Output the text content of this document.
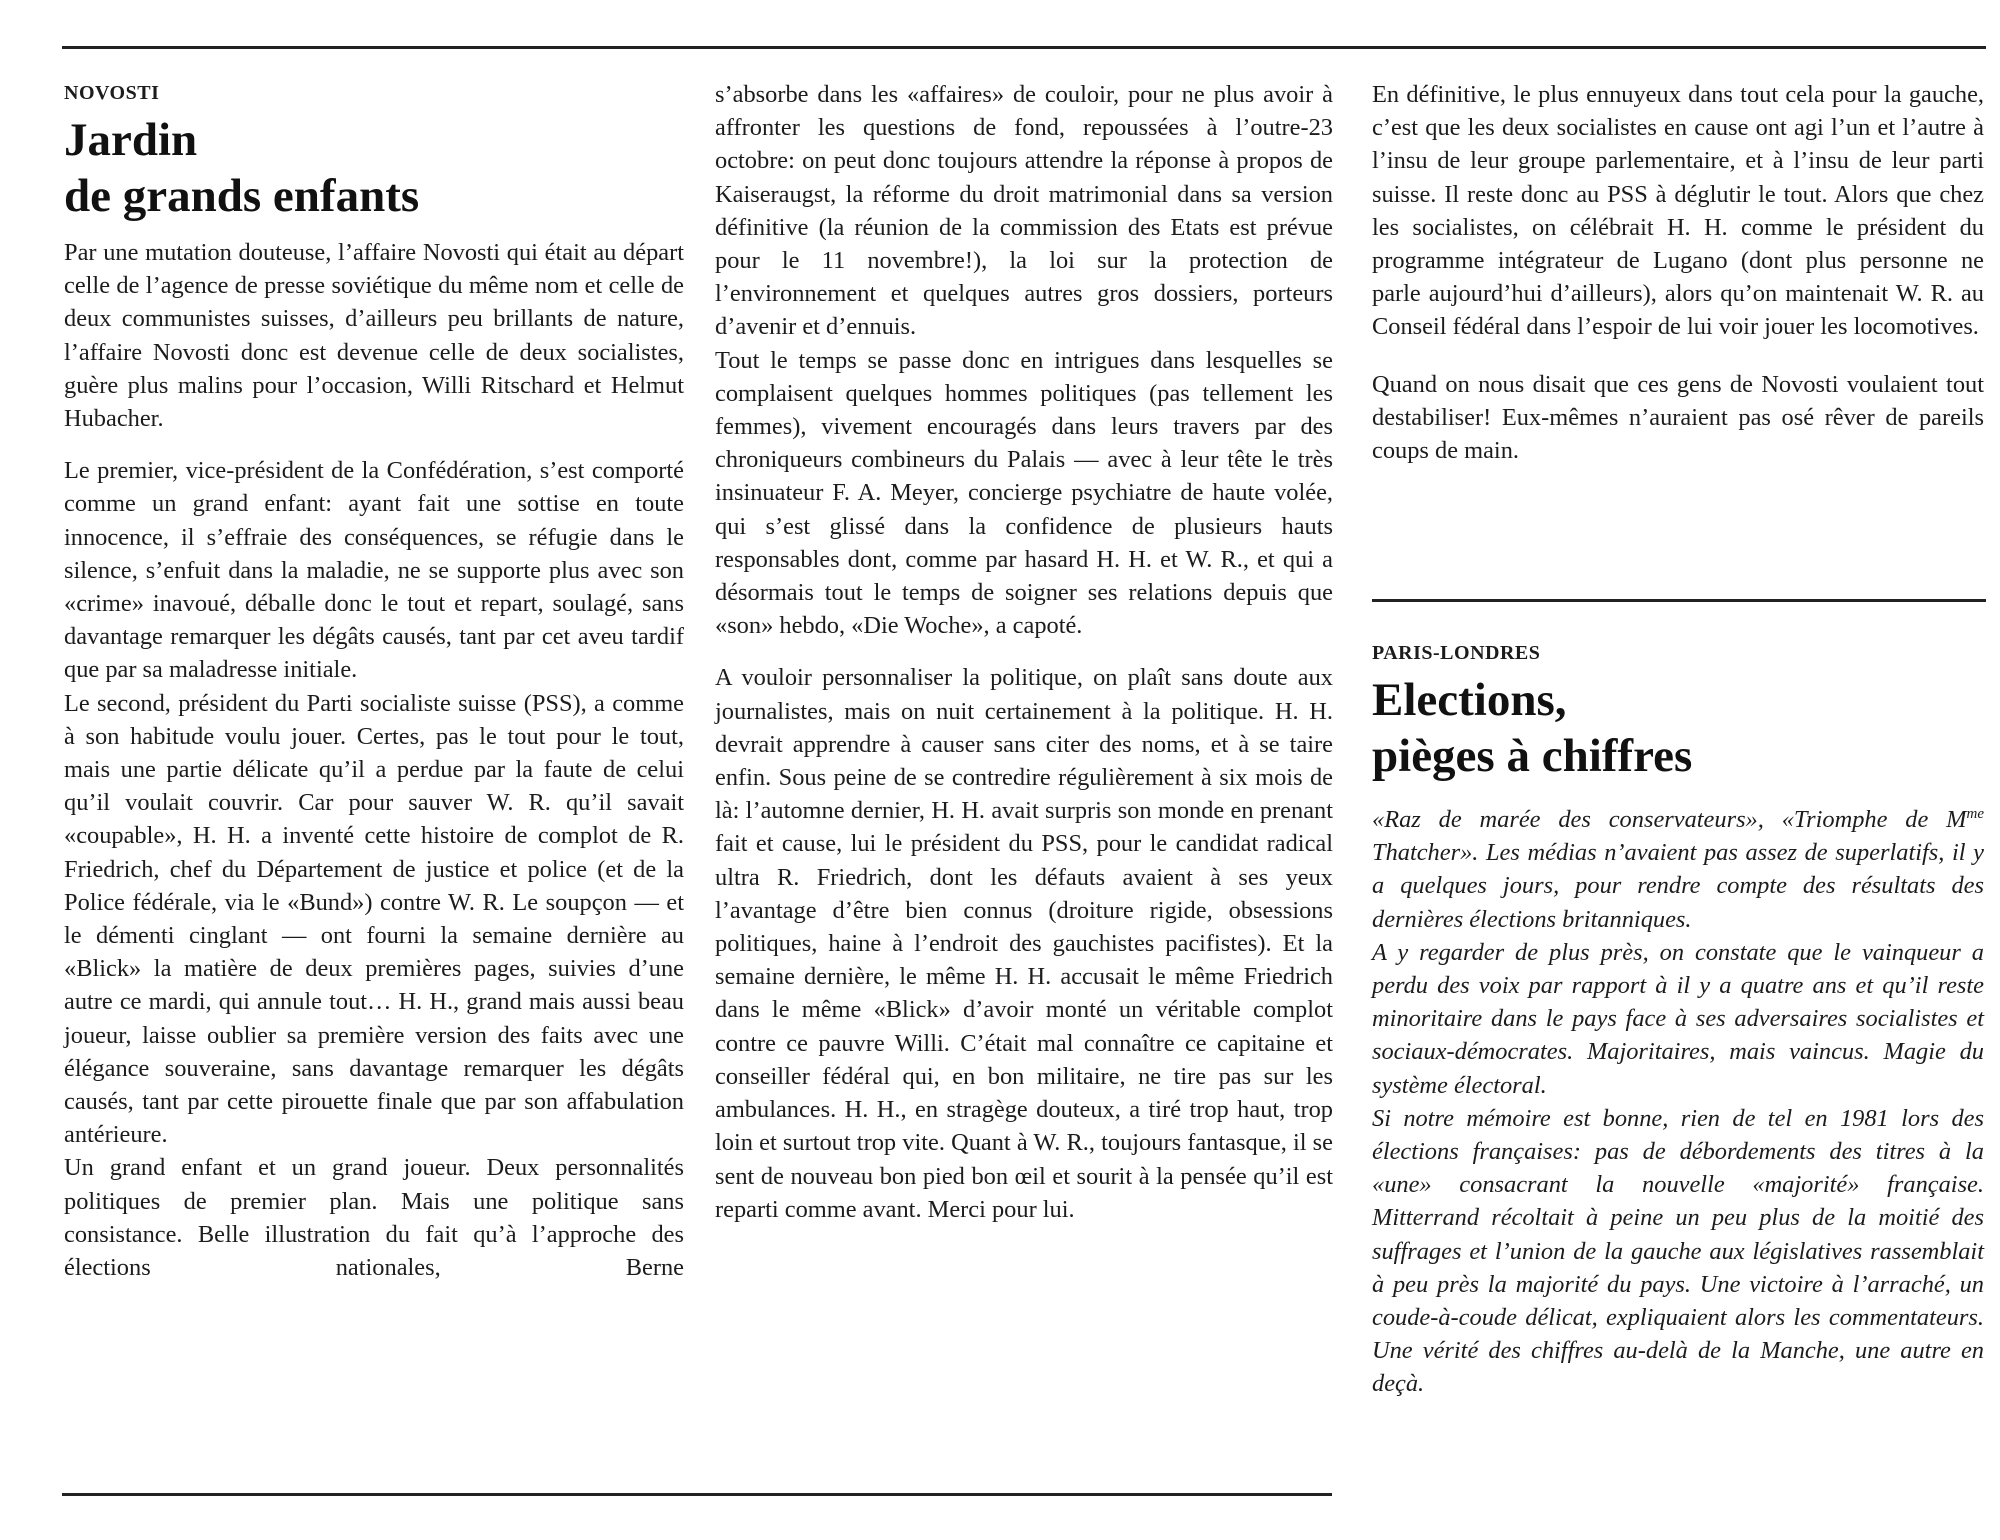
NOVOSTI
Jardin
de grands enfants

Par une mutation douteuse, l’affaire Novosti qui était au départ celle de l’agence de presse soviétique du même nom et celle de deux communistes suisses, d’ailleurs peu brillants de nature, l’affaire Novosti donc est devenue celle de deux socialistes, guère plus malins pour l’occasion, Willi Ritschard et Helmut Hubacher.

Le premier, vice-président de la Confédération, s’est comporté comme un grand enfant: ayant fait une sottise en toute innocence, il s’effraie des conséquences, se réfugie dans le silence, s’enfuit dans la maladie, ne se supporte plus avec son «crime» inavoué, déballe donc le tout et repart, soulagé, sans davantage remarquer les dégâts causés, tant par cet aveu tardif que par sa maladresse initiale.

Le second, président du Parti socialiste suisse (PSS), a comme à son habitude voulu jouer. Certes, pas le tout pour le tout, mais une partie délicate qu’il a perdue par la faute de celui qu’il voulait couvrir. Car pour sauver W. R. qu’il savait «coupable», H. H. a inventé cette histoire de complot de R. Friedrich, chef du Département de justice et police (et de la Police fédérale, via le «Bund») contre W. R. Le soupçon — et le démenti cinglant — ont fourni la semaine dernière au «Blick» la matière de deux premières pages, suivies d’une autre ce mardi, qui annule tout… H. H., grand mais aussi beau joueur, laisse oublier sa première version des faits avec une élégance souveraine, sans davantage remarquer les dégâts causés, tant par cette pirouette finale que par son affabulation antérieure.

Un grand enfant et un grand joueur. Deux personnalités politiques de premier plan. Mais une politique sans consistance. Belle illustration du fait qu’à l’approche des élections nationales, Berne

s’absorbe dans les «affaires» de couloir, pour ne plus avoir à affronter les questions de fond, repoussées à l’outre-23 octobre: on peut donc toujours attendre la réponse à propos de Kaiseraugst, la réforme du droit matrimonial dans sa version définitive (la réunion de la commission des Etats est prévue pour le 11 novembre!), la loi sur la protection de l’environnement et quelques autres gros dossiers, porteurs d’avenir et d’ennuis.

Tout le temps se passe donc en intrigues dans lesquelles se complaisent quelques hommes politiques (pas tellement les femmes), vivement encouragés dans leurs travers par des chroniqueurs combineurs du Palais — avec à leur tête le très insinuateur F. A. Meyer, concierge psychiatre de haute volée, qui s’est glissé dans la confidence de plusieurs hauts responsables dont, comme par hasard H. H. et W. R., et qui a désormais tout le temps de soigner ses relations depuis que «son» hebdo, «Die Woche», a capoté.

A vouloir personnaliser la politique, on plaît sans doute aux journalistes, mais on nuit certainement à la politique. H. H. devrait apprendre à causer sans citer des noms, et à se taire enfin. Sous peine de se contredire régulièrement à six mois de là: l’automne dernier, H. H. avait surpris son monde en prenant fait et cause, lui le président du PSS, pour le candidat radical ultra R. Friedrich, dont les défauts avaient à ses yeux l’avantage d’être bien connus (droiture rigide, obsessions politiques, haine à l’endroit des gauchistes pacifistes). Et la semaine dernière, le même H. H. accusait le même Friedrich dans le même «Blick» d’avoir monté un véritable complot contre ce pauvre Willi. C’était mal connaître ce capitaine et conseiller fédéral qui, en bon militaire, ne tire pas sur les ambulances. H. H., en stragège douteux, a tiré trop haut, trop loin et surtout trop vite. Quant à W. R., toujours fantasque, il se sent de nouveau bon pied bon œil et sourit à la pensée qu’il est reparti comme avant. Merci pour lui.

En définitive, le plus ennuyeux dans tout cela pour la gauche, c’est que les deux socialistes en cause ont agi l’un et l’autre à l’insu de leur groupe parlementaire, et à l’insu de leur parti suisse. Il reste donc au PSS à déglutir le tout. Alors que chez les socialistes, on célébrait H. H. comme le président du programme intégrateur de Lugano (dont plus personne ne parle aujourd’hui d’ailleurs), alors qu’on maintenait W. R. au Conseil fédéral dans l’espoir de lui voir jouer les locomotives.

Quand on nous disait que ces gens de Novosti voulaient tout destabiliser! Eux-mêmes n’auraient pas osé rêver de pareils coups de main.

PARIS-LONDRES
Elections,
pièges à chiffres

«Raz de marée des conservateurs», «Triomphe de $M^{me}$ Thatcher». Les médias n’avaient pas assez de superlatifs, il y a quelques jours, pour rendre compte des résultats des dernières élections britanniques.

A y regarder de plus près, on constate que le vainqueur a perdu des voix par rapport à il y a quatre ans et qu’il reste minoritaire dans le pays face à ses adversaires socialistes et sociaux-démocrates. Majoritaires, mais vaincus. Magie du système électoral.

Si notre mémoire est bonne, rien de tel en 1981 lors des élections françaises: pas de débordements des titres à la «une» consacrant la nouvelle «majorité» française. Mitterrand récoltait à peine un peu plus de la moitié des suffrages et l’union de la gauche aux législatives rassemblait à peu près la majorité du pays. Une victoire à l’arraché, un coude-à-coude délicat, expliquaient alors les commentateurs. Une vérité des chiffres au-delà de la Manche, une autre en deçà.
